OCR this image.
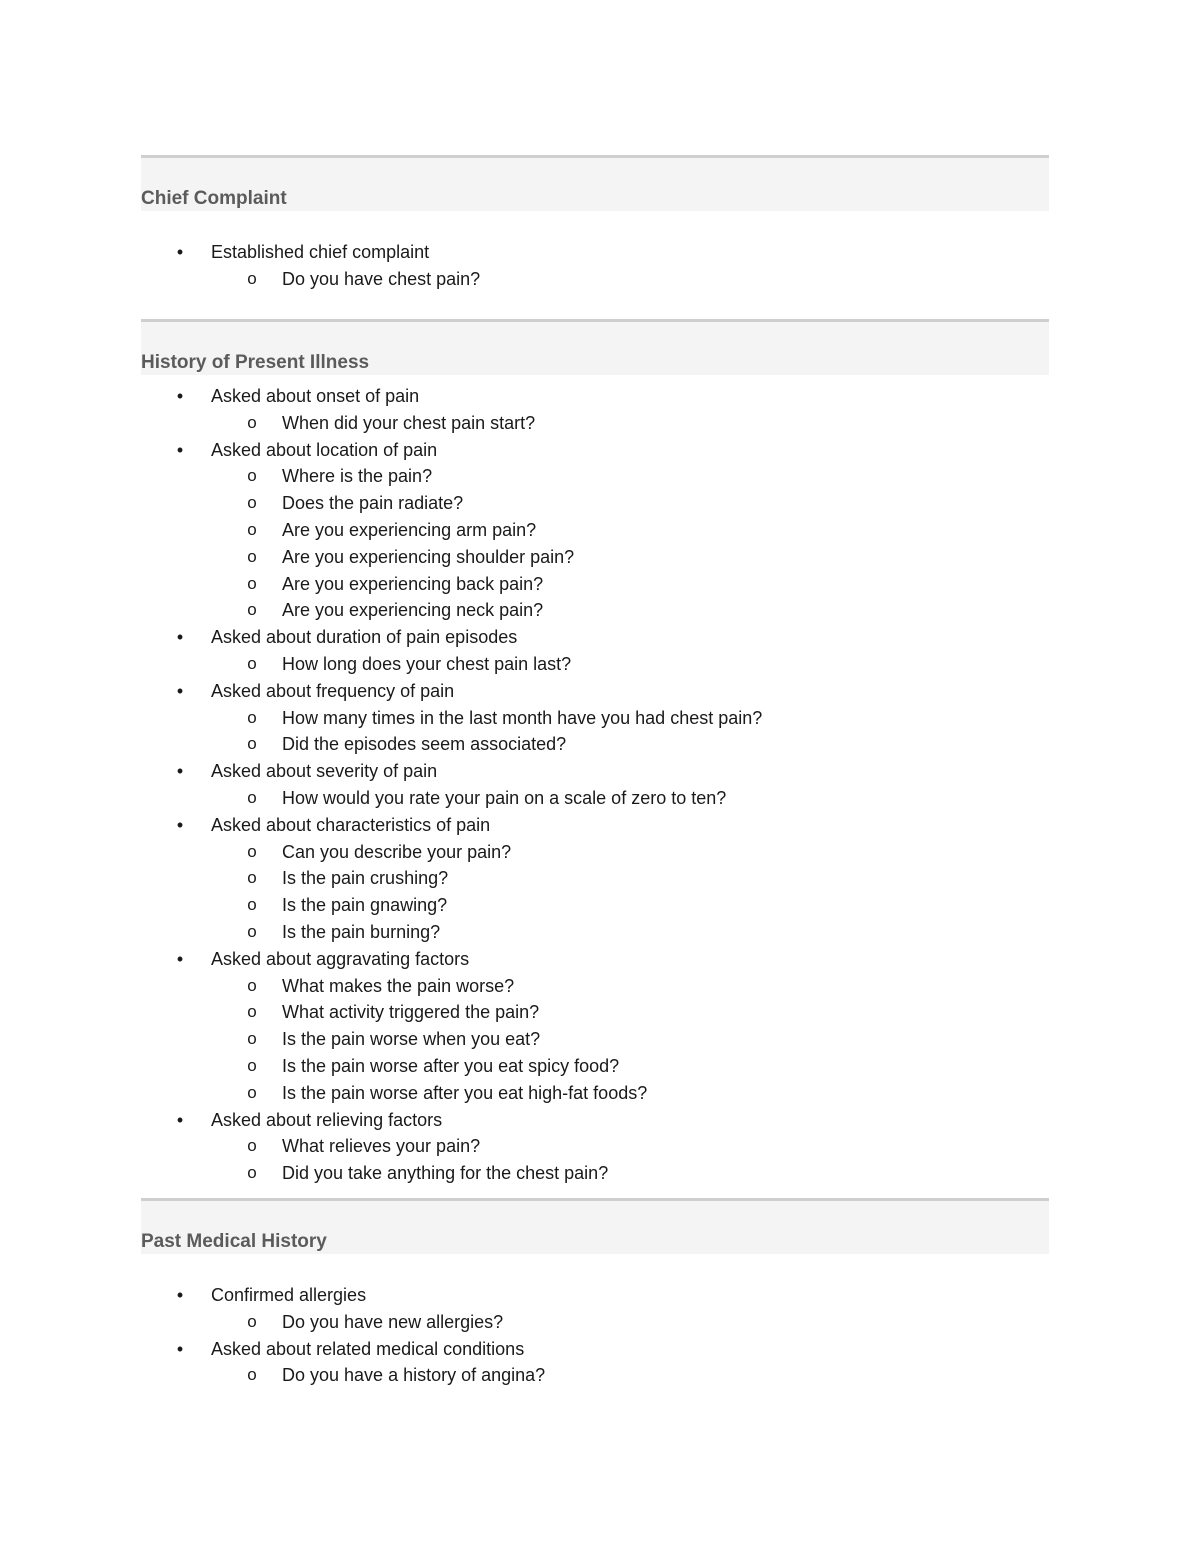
Chief Complaint
• Established chief complaint
o Do you have chest pain?
History of Present Illness
• Asked about onset of pain
o When did your chest pain start?
• Asked about location of pain
o Where is the pain?
o Does the pain radiate?
o Are you experiencing arm pain?
o Are you experiencing shoulder pain?
o Are you experiencing back pain?
o Are you experiencing neck pain?
• Asked about duration of pain episodes
o How long does your chest pain last?
• Asked about frequency of pain
o How many times in the last month have you had chest pain?
o Did the episodes seem associated?
• Asked about severity of pain
o How would you rate your pain on a scale of zero to ten?
• Asked about characteristics of pain
o Can you describe your pain?
o Is the pain crushing?
o Is the pain gnawing?
o Is the pain burning?
• Asked about aggravating factors
o What makes the pain worse?
o What activity triggered the pain?
o Is the pain worse when you eat?
o Is the pain worse after you eat spicy food?
o Is the pain worse after you eat high-fat foods?
• Asked about relieving factors
o What relieves your pain?
o Did you take anything for the chest pain?
Past Medical History
• Confirmed allergies
o Do you have new allergies?
• Asked about related medical conditions
o Do you have a history of angina?
